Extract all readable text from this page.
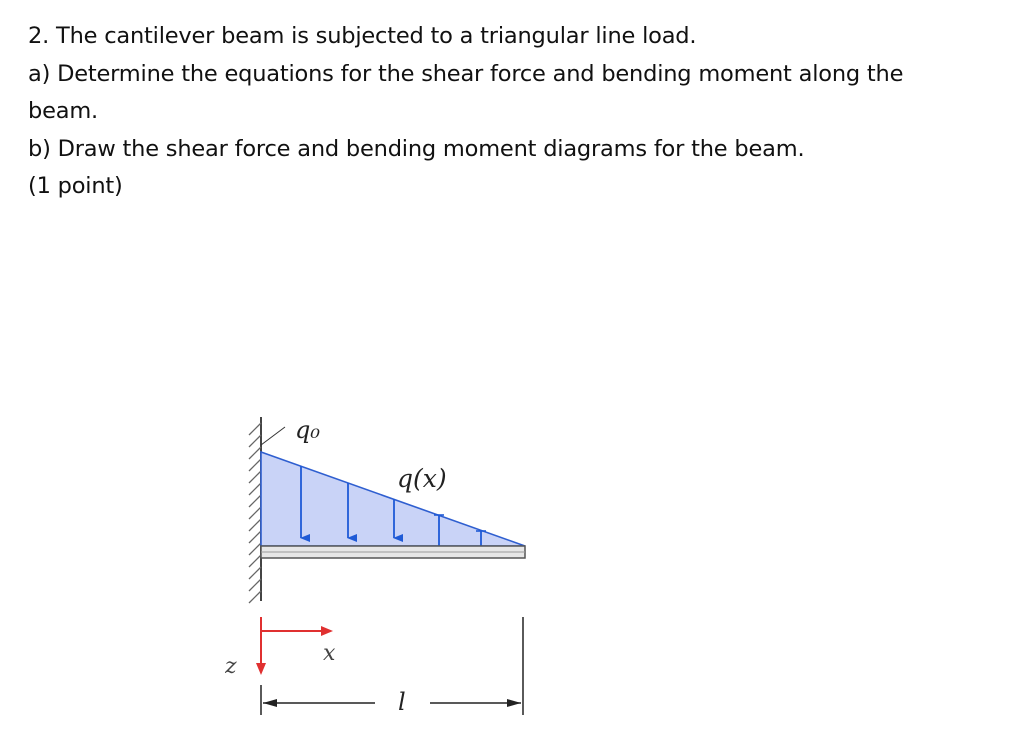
2. The cantilever beam is subjected to a triangular line load.

a) Determine the equations for the shear force and bending moment along the

beam.

b) Draw the shear force and bending moment diagrams for the beam.

(1 point)

q₀
q(x)
x
z
l
